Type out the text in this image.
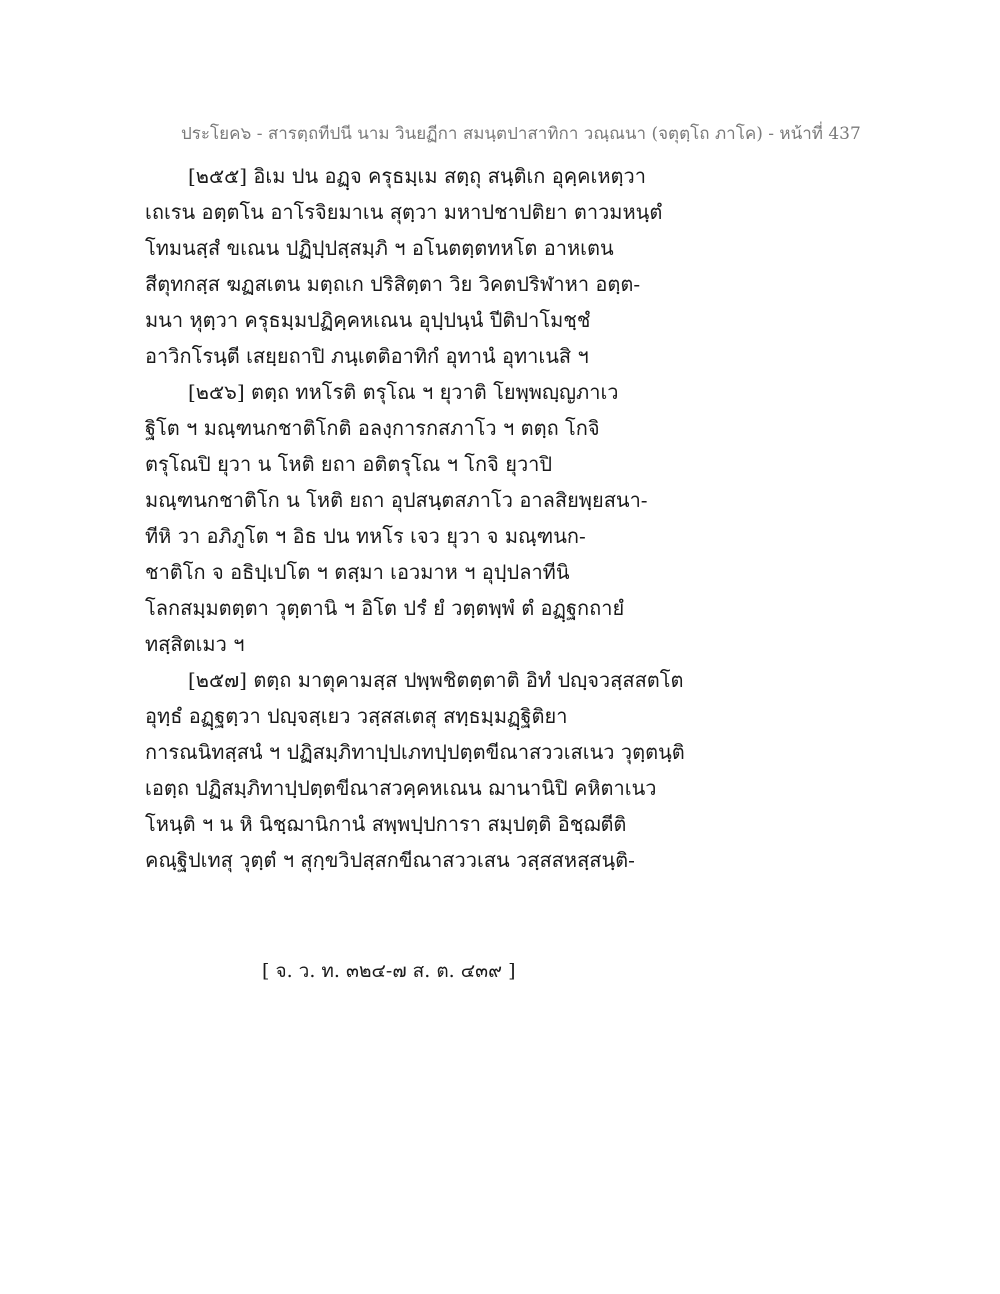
ประโยค๖ - สารตฺถทีปนี นาม วินยฏีกา สมนฺตปาสาทิกา วณฺณนา (จตุตฺโถ ภาโค) - หน้าที่ 437
[๒๕๕] อิเม ปน อฏฺจ ครุธมฺเม สตฺถุ สนฺติเก อุคฺคเหตฺวา
เถเรน อตฺตโน อาโรจิยมาเน สุตฺวา มหาปชาปติยา ตาวมหนฺตํ
โทมนสฺสํ ขเณน ปฏิปฺปสฺสมฺภิ ฯ อโนตตฺตทหโต อาหเตน
สีตุทกสฺส ฆฏสเตน มตฺถเก ปริสิตฺตา วิย วิคตปริฬาหา อตฺต-
มนา หุตฺวา ครุธมฺมปฏิคฺคหเณน อุปฺปนฺนํ ปีติปาโมชฺชํ
อาวิกโรนฺตี เสยฺยถาปิ ภนฺเตติอาทิกํ อุทานํ อุทาเนสิ ฯ
[๒๕๖] ตตฺถ ทหโรติ ตรุโณ ฯ ยุวาติ โยพฺพญฺญภาเว
ฐิโต ฯ มณฺฑนกชาติโกติ อลงฺการกสภาโว ฯ ตตฺถ โกจิ
ตรุโณปิ ยุวา น โหติ ยถา อติตรุโณ ฯ โกจิ ยุวาปิ
มณฺฑนกชาติโก น โหติ ยถา อุปสนฺตสภาโว อาลสิยพฺยสนา-
ทีหิ วา อภิภูโต ฯ อิธ ปน ทหโร เจว ยุวา จ มณฺฑนก-
ชาติโก จ อธิปฺเปโต ฯ ตสฺมา เอวมาห ฯ อุปฺปลาทีนิ
โลกสมฺมตตฺตา วุตฺตานิ ฯ อิโต ปรํ ยํ วตฺตพฺพํ ตํ อฏฺฐกถายํ
ทสฺสิตเมว ฯ
[๒๕๗] ตตฺถ มาตุคามสฺส ปพฺพชิตตฺตาติ อิทํ ปญฺจวสฺสสตโต
อุทฺธํ อฏฺฐตฺวา ปญฺจสฺเยว วสฺสสเตสุ สทฺธมฺมฏฺฐิติยา
การณนิทสฺสนํ ฯ ปฏิสมฺภิทาปฺปเภทปฺปตฺตขีณาสววเสเนว วุตฺตนฺติ
เอตฺถ ปฏิสมฺภิทาปฺปตฺตขีณาสวคฺคหเณน ฌานานิปิ คหิตาเนว
โหนฺติ ฯ น หิ นิชฺฌานิกานํ สพฺพปฺปการา สมฺปตฺติ อิชฺฌตีติ
คณฺฐิปเทสุ วุตฺตํ ฯ สุกฺขวิปสฺสกขีณาสววเสน วสฺสสหสฺสนฺติ-
[ จ. ว. ท. ๓๒๔-๗ ส. ต. ๔๓๙ ]
